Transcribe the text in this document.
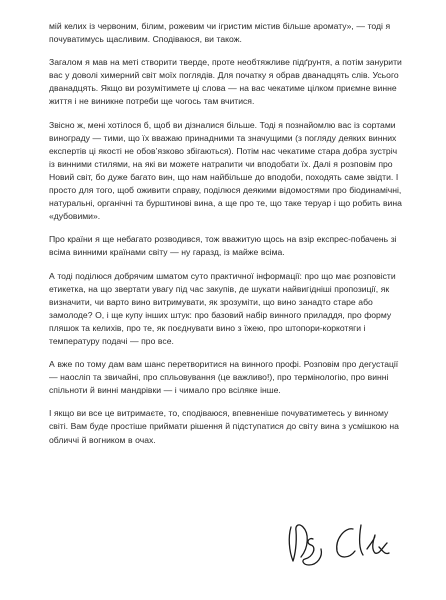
мій келих із червоним, білим, рожевим чи ігристим містив більше аромату», — тоді я почуватимусь щасливим. Сподіваюся, ви також.

Загалом я мав на меті створити тверде, проте необтяжливе підґрунтя, а потім занурити вас у доволі химерний світ моїх поглядів. Для початку я обрав дванадцять слів. Усього дванадцять. Якщо ви розумітимете ці слова — на вас чекатиме цілком приємне винне життя і не виникне потреби ще чогось там вчитися.

Звісно ж, мені хотілося б, щоб ви дізналися більше. Тоді я познайомлю вас із сортами винограду — тими, що їх вважаю принадними та значущими (з погляду деяких винних експертів ці якості не обов’язково збігаються). Потім нас чекатиме стара добра зустріч із винними стилями, на які ви можете натрапити чи вподобати їх. Далі я розповім про Новий світ, бо дуже багато вин, що нам найбільше до вподоби, походять саме звідти. І просто для того, щоб оживити справу, поділюся деякими відомостями про біодинамічні, натуральні, органічні та бурштинові вина, а ще про те, що таке теруар і що робить вина «дубовими».

Про країни я ще небагато розводився, тож вважитую щось на взір експрес-побачень зі всіма винними країнами світу — ну гаразд, із майже всіма.

А тоді поділюся добрячим шматом суто практичної інформації: про що має розповісти етикетка, на що звертати увагу під час закупів, де шукати найвигідніші пропозиції, як визначити, чи варто вино витримувати, як зрозуміти, що вино занадто старе або замолоде? О, і ще купу інших штук: про базовий набір винного приладдя, про форму пляшок та келихів, про те, як поєднувати вино з їжею, про штопори-коркотяги і температуру подачі — про все.

А вже по тому дам вам шанс перетворитися на винного профі. Розповім про дегустації — наосліп та звичайні, про спльовування (це важливо!), про термінологію, про винні спільноти й винні мандрівки — і чимало про всіляке інше.

І якщо ви все це витримаєте, то, сподіваюся, впевненіше почуватиметесь у винному світі. Вам буде простіше приймати рішення й підступатися до світу вина з усмішкою на обличчі й вогником в очах.
